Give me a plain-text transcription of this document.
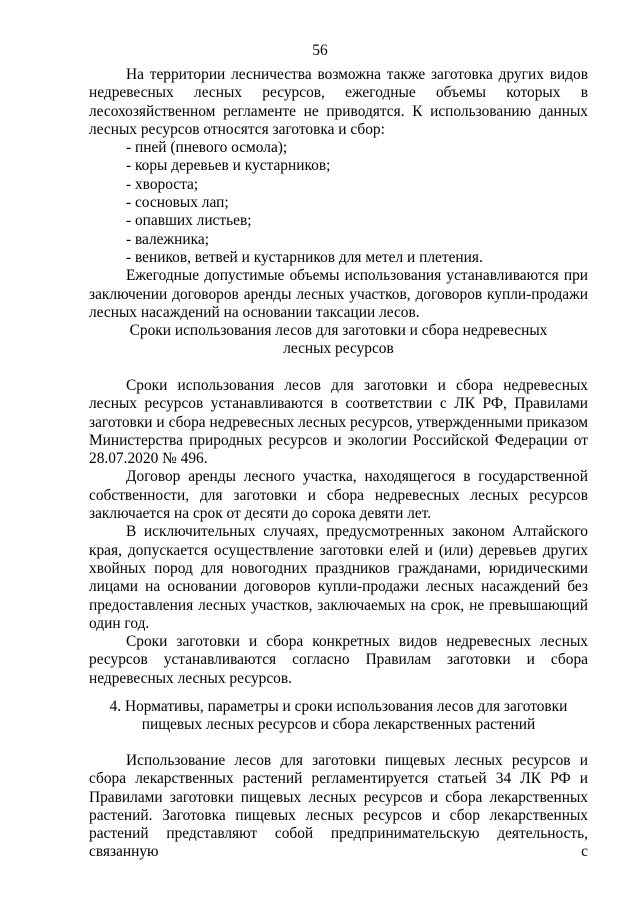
56

На территории лесничества возможна также заготовка других видов недревесных лесных ресурсов, ежегодные объемы которых в лесохозяйственном регламенте не приводятся. К использованию данных лесных ресурсов относятся заготовка и сбор:

- пней (пневого осмола);
- коры деревьев и кустарников;
- хвороста;
- сосновых лап;
- опавших листьев;
- валежника;
- веников, ветвей и кустарников для метел и плетения.

Ежегодные допустимые объемы использования устанавливаются при заключении договоров аренды лесных участков, договоров купли-продажи лесных насаждений на основании таксации лесов.

Сроки использования лесов для заготовки и сбора недревесных
лесных ресурсов

Сроки использования лесов для заготовки и сбора недревесных лесных ресурсов устанавливаются в соответствии с ЛК РФ, Правилами заготовки и сбора недревесных лесных ресурсов, утвержденными приказом Министерства природных ресурсов и экологии Российской Федерации от 28.07.2020 № 496.

Договор аренды лесного участка, находящегося в государственной собственности, для заготовки и сбора недревесных лесных ресурсов заключается на срок от десяти до сорока девяти лет.

В исключительных случаях, предусмотренных законом Алтайского края, допускается осуществление заготовки елей и (или) деревьев других хвойных пород для новогодних праздников гражданами, юридическими лицами на основании договоров купли-продажи лесных насаждений без предоставления лесных участков, заключаемых на срок, не превышающий один год.

Сроки заготовки и сбора конкретных видов недревесных лесных ресурсов устанавливаются согласно Правилам заготовки и сбора недревесных лесных ресурсов.

4. Нормативы, параметры и сроки использования лесов для заготовки
пищевых лесных ресурсов и сбора лекарственных растений

Использование лесов для заготовки пищевых лесных ресурсов и сбора лекарственных растений регламентируется статьей 34 ЛК РФ и Правилами заготовки пищевых лесных ресурсов и сбора лекарственных растений. Заготовка пищевых лесных ресурсов и сбор лекарственных растений представляют собой предпринимательскую деятельность, связанную с
